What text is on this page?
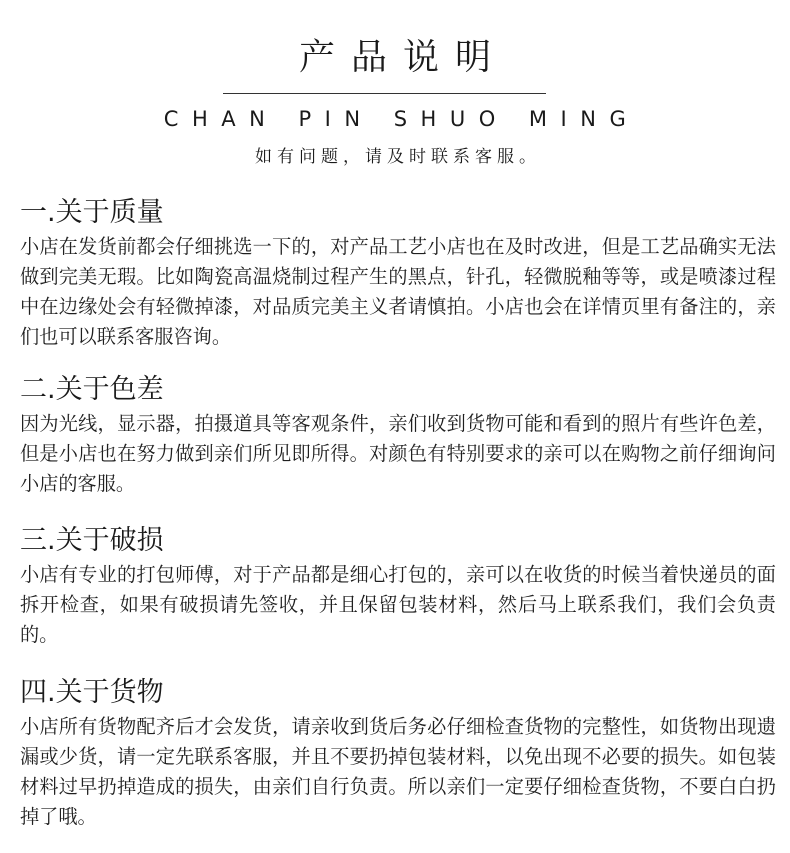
产品说明
CHAN PIN SHUO MING
如有问题，请及时联系客服。
一.关于质量

小店在发货前都会仔细挑选一下的，对产品工艺小店也在及时改进，但是工艺品确实无法做到完美无瑕。比如陶瓷高温烧制过程产生的黑点，针孔，轻微脱釉等等，或是喷漆过程中在边缘处会有轻微掉漆，对品质完美主义者请慎拍。小店也会在详情页里有备注的，亲们也可以联系客服咨询。

二.关于色差

因为光线，显示器，拍摄道具等客观条件，亲们收到货物可能和看到的照片有些许色差，但是小店也在努力做到亲们所见即所得。对颜色有特别要求的亲可以在购物之前仔细询问小店的客服。

三.关于破损

小店有专业的打包师傅，对于产品都是细心打包的，亲可以在收货的时候当着快递员的面拆开检查，如果有破损请先签收，并且保留包装材料，然后马上联系我们，我们会负责的。

四.关于货物

小店所有货物配齐后才会发货，请亲收到货后务必仔细检查货物的完整性，如货物出现遗漏或少货，请一定先联系客服，并且不要扔掉包装材料，以免出现不必要的损失。如包装材料过早扔掉造成的损失，由亲们自行负责。所以亲们一定要仔细检查货物，不要白白扔掉了哦。
